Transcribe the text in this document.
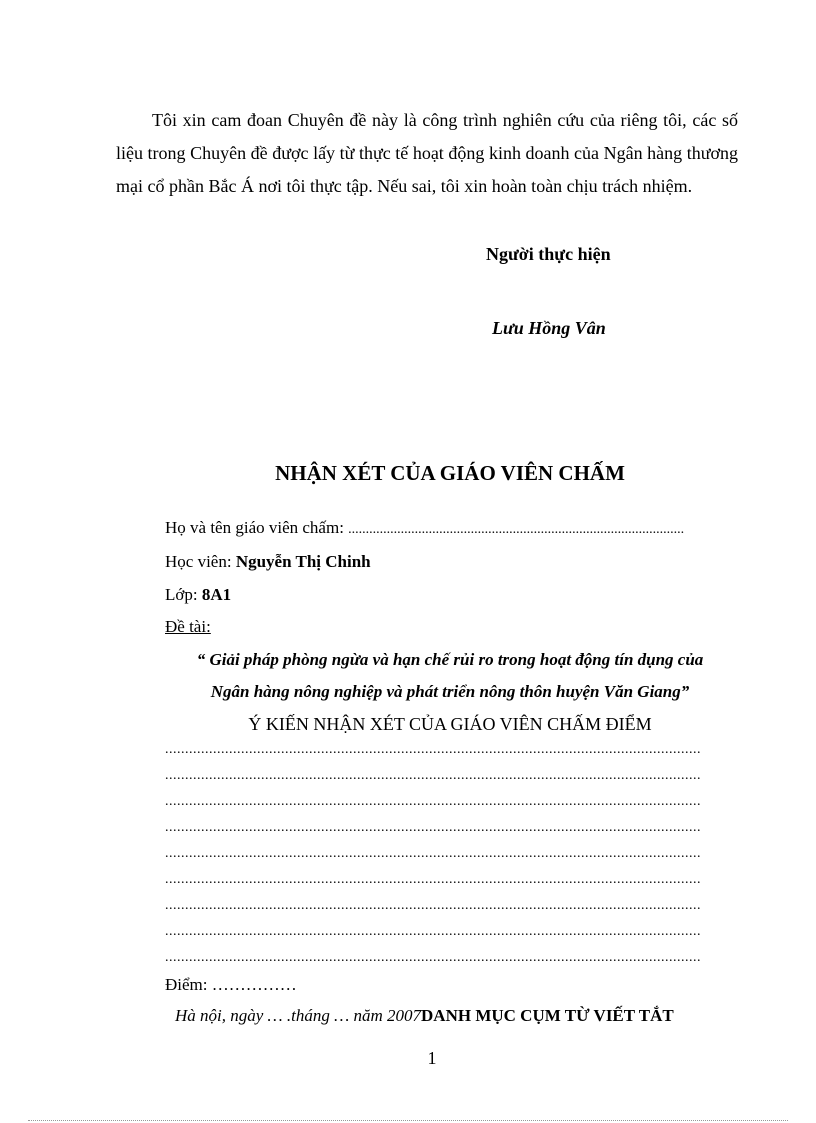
Tôi xin cam đoan Chuyên đề này là công trình nghiên cứu của riêng tôi, các số liệu trong Chuyên đề được lấy từ thực tế hoạt động kinh doanh của Ngân hàng thương mại cổ phần Bắc Á nơi tôi thực tập. Nếu sai, tôi xin hoàn toàn chịu trách nhiệm.
Người thực hiện
Lưu Hồng Vân
NHẬN XÉT CỦA GIÁO VIÊN CHẤM
Họ và tên giáo viên chấm: ................................................................................................
Học viên: Nguyễn Thị Chinh
Lớp: 8A1
Đề tài:
“ Giải pháp phòng ngừa và hạn chế rủi ro trong hoạt động tín dụng của
Ngân hàng nông nghiệp và phát triển nông thôn huyện Văn Giang”
Ý KIẾN NHẬN XÉT CỦA GIÁO VIÊN CHẤM ĐIỂM
......................................................................................................................................
......................................................................................................................................
......................................................................................................................................
......................................................................................................................................
......................................................................................................................................
......................................................................................................................................
......................................................................................................................................
......................................................................................................................................
......................................................................................................................................
Điểm: ……………
Hà nội, ngày … .tháng … năm 2007DANH MỤC CỤM TỪ VIẾT TẮT
1
